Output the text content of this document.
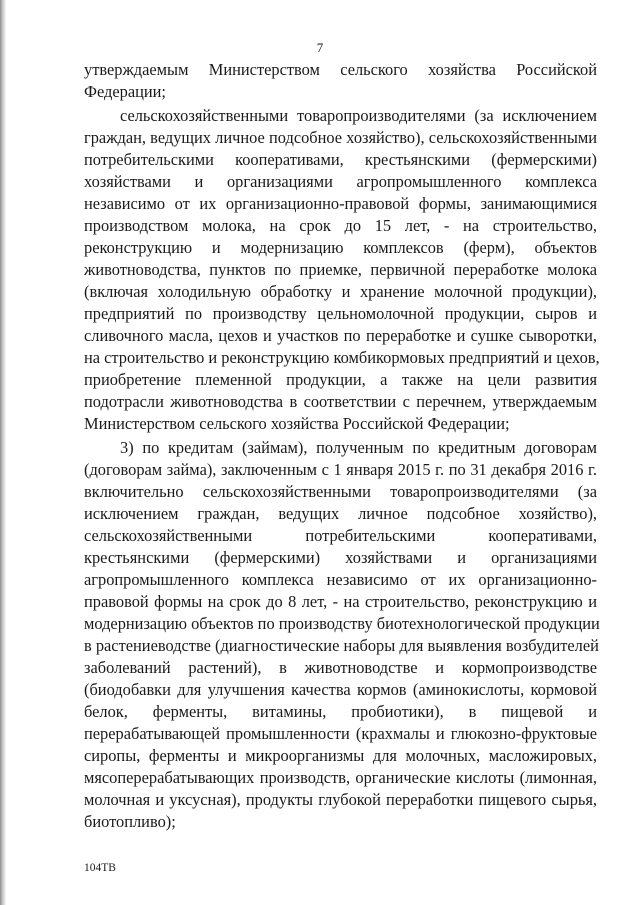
7
утверждаемым Министерством сельского хозяйства Российской
Федерации;
сельскохозяйственными товаропроизводителями (за исключением
граждан, ведущих личное подсобное хозяйство), сельскохозяйственными
потребительскими кооперативами, крестьянскими (фермерскими)
хозяйствами и организациями агропромышленного комплекса
независимо от их организационно-правовой формы, занимающимися
производством молока, на срок до 15 лет, - на строительство,
реконструкцию и модернизацию комплексов (ферм), объектов
животноводства, пунктов по приемке, первичной переработке молока
(включая холодильную обработку и хранение молочной продукции),
предприятий по производству цельномолочной продукции, сыров и
сливочного масла, цехов и участков по переработке и сушке сыворотки,
на строительство и реконструкцию комбикормовых предприятий и цехов,
приобретение племенной продукции, а также на цели развития
подотрасли животноводства в соответствии с перечнем, утверждаемым
Министерством сельского хозяйства Российской Федерации;
3) по кредитам (займам), полученным по кредитным договорам
(договорам займа), заключенным с 1 января 2015 г. по 31 декабря 2016 г.
включительно сельскохозяйственными товаропроизводителями (за
исключением граждан, ведущих личное подсобное хозяйство),
сельскохозяйственными потребительскими кооперативами,
крестьянскими (фермерскими) хозяйствами и организациями
агропромышленного комплекса независимо от их организационно-
правовой формы на срок до 8 лет, - на строительство, реконструкцию и
модернизацию объектов по производству биотехнологической продукции
в растениеводстве (диагностические наборы для выявления возбудителей
заболеваний растений), в животноводстве и кормопроизводстве
(биодобавки для улучшения качества кормов (аминокислоты, кормовой
белок, ферменты, витамины, пробиотики), в пищевой и
перерабатывающей промышленности (крахмалы и глюкозно-фруктовые
сиропы, ферменты и микроорганизмы для молочных, масложировых,
мясоперерабатывающих производств, органические кислоты (лимонная,
молочная и уксусная), продукты глубокой переработки пищевого сырья,
биотопливо);
104ТВ
